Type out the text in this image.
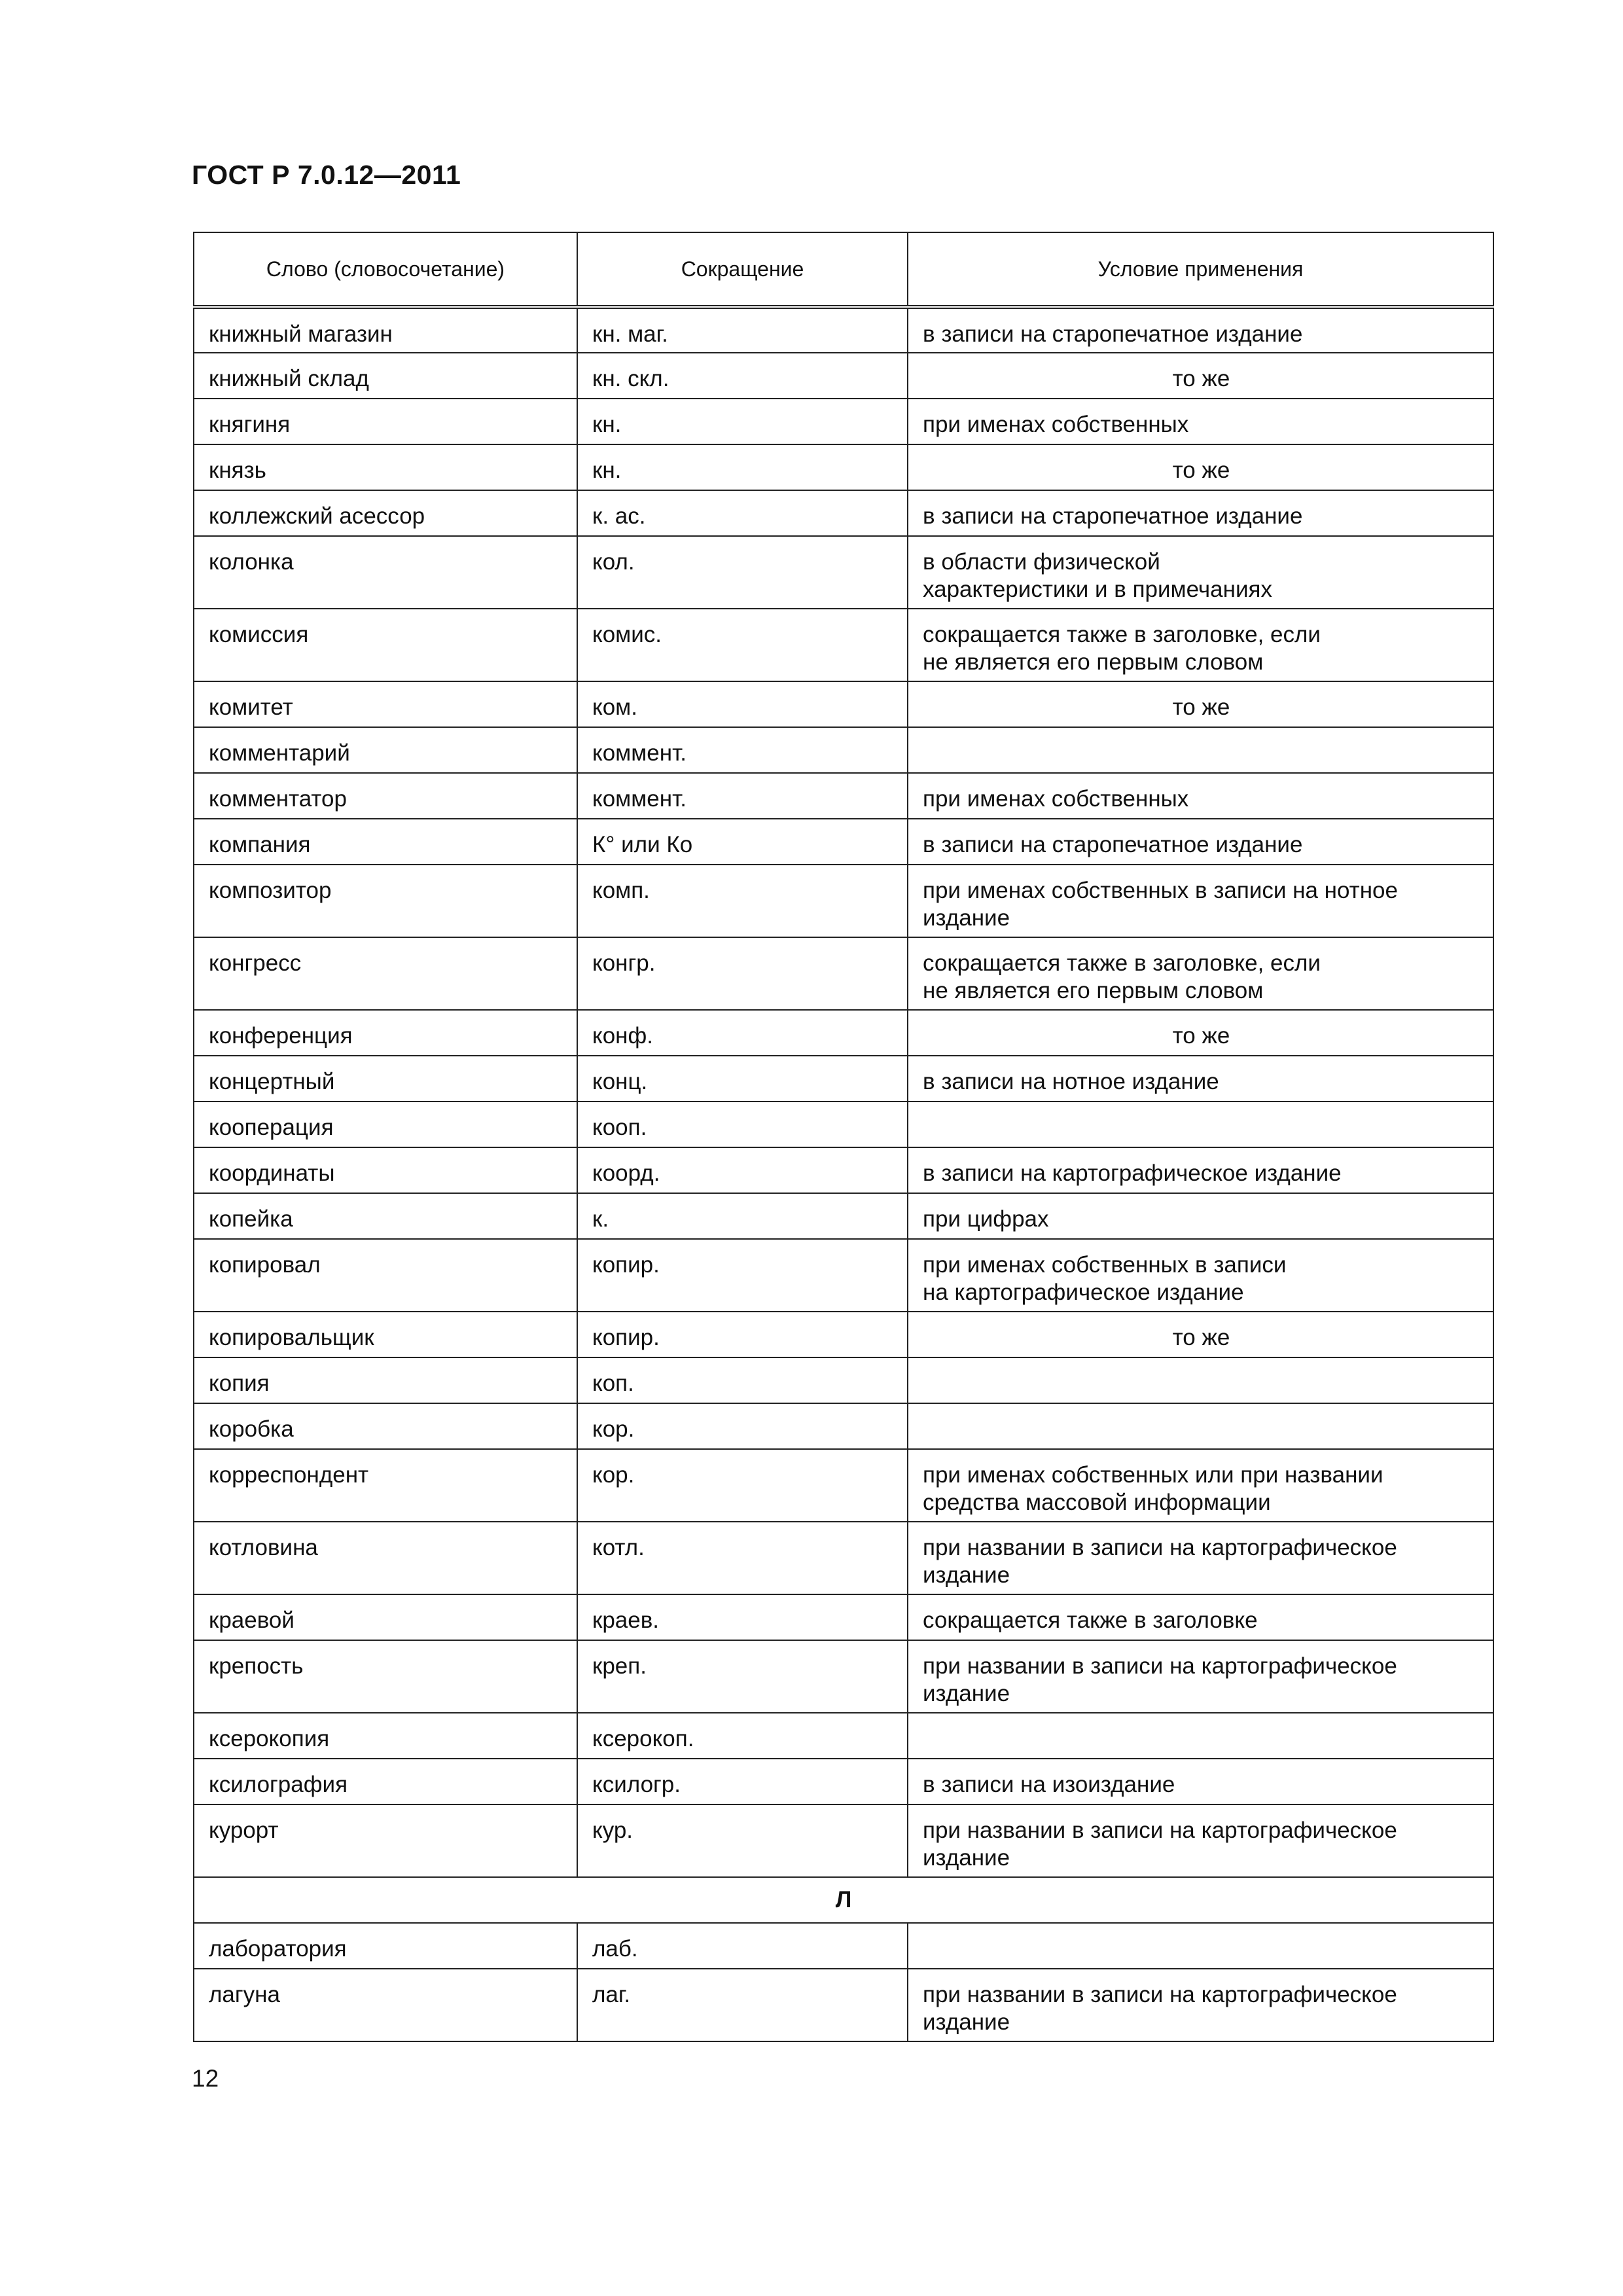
ГОСТ Р 7.0.12—2011
Слово (словосочетание)	Сокращение	Условие применения
книжный магазин	кн. маг.	в записи на старопечатное издание
книжный склад	кн. скл.	то же
княгиня	кн.	при именах собственных
князь	кн.	то же
коллежский асессор	к. ас.	в записи на старопечатное издание
колонка	кол.	в области физической
характеристики и в примечаниях
комиссия	комис.	сокращается также в заголовке, если
не является его первым словом
комитет	ком.	то же
комментарий	коммент.	
комментатор	коммент.	при именах собственных
компания	К° или Ко	в записи на старопечатное издание
композитор	комп.	при именах собственных в записи на нотное
издание
конгресс	конгр.	сокращается также в заголовке, если
не является его первым словом
конференция	конф.	то же
концертный	конц.	в записи на нотное издание
кооперация	кооп.	
координаты	коорд.	в записи на картографическое издание
копейка	к.	при цифрах
копировал	копир.	при именах собственных в записи
на картографическое издание
копировальщик	копир.	то же
копия	коп.	
коробка	кор.	
корреспондент	кор.	при именах собственных или при названии
средства массовой информации
котловина	котл.	при названии в записи на картографическое
издание
краевой	краев.	сокращается также в заголовке
крепость	креп.	при названии в записи на картографическое
издание
ксерокопия	ксерокоп.	
ксилография	ксилогр.	в записи на изоиздание
курорт	кур.	при названии в записи на картографическое
издание
Л		
лаборатория	лаб.	
лагуна	лаг.	при названии в записи на картографическое
издание
12
